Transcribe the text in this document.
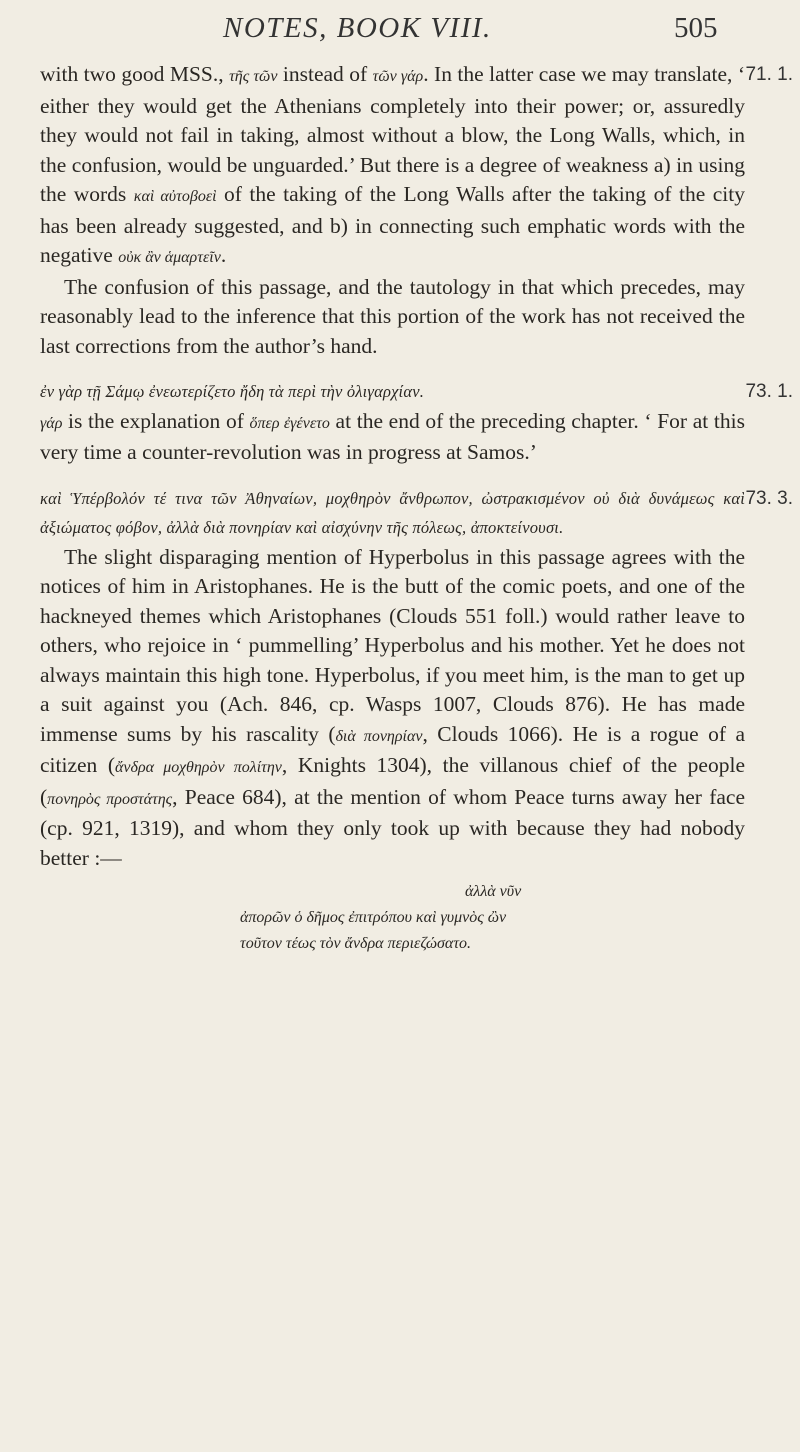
NOTES, BOOK VIII.	505
71. 1.

with two good MSS., τῆς τῶν instead of τῶν γάρ. In the latter case we may translate, ‘ either they would get the Athenians completely into their power; or, assuredly they would not fail in taking, almost without a blow, the Long Walls, which, in the confusion, would be unguarded.’ But there is a degree of weakness a) in using the words καὶ αὐτοβοεὶ of the taking of the Long Walls after the taking of the city has been already suggested, and b) in connecting such emphatic words with the negative οὐκ ἂν ἁμαρτεῖν.

The confusion of this passage, and the tautology in that which precedes, may reasonably lead to the inference that this portion of the work has not received the last corrections from the author’s hand.

73. 1.

ἐν γὰρ τῇ Σάμῳ ἐνεωτερίζετο ἤδη τὰ περὶ τὴν ὀλιγαρχίαν.

γάρ is the explanation of ὅπερ ἐγένετο at the end of the preceding chapter. ‘ For at this very time a counter-revolution was in progress at Samos.’

73. 3.

καὶ Ὑπέρβολόν τέ τινα τῶν Ἀθηναίων, μοχθηρὸν ἄνθρωπον, ὠστρακισμένον οὐ διὰ δυνάμεως καὶ ἀξιώματος φόβον, ἀλλὰ διὰ πονηρίαν καὶ αἰσχύνην τῆς πόλεως, ἀποκτείνουσι.

The slight disparaging mention of Hyperbolus in this passage agrees with the notices of him in Aristophanes. He is the butt of the comic poets, and one of the hackneyed themes which Aristophanes (Clouds 551 foll.) would rather leave to others, who rejoice in ‘ pummelling’ Hyperbolus and his mother. Yet he does not always maintain this high tone. Hyperbolus, if you meet him, is the man to get up a suit against you (Ach. 846, cp. Wasps 1007, Clouds 876). He has made immense sums by his rascality (διὰ πονηρίαν, Clouds 1066). He is a rogue of a citizen (ἄνδρα μοχθηρὸν πολίτην, Knights 1304), the villanous chief of the people (πονηρὸς προστάτης, Peace 684), at the mention of whom Peace turns away her face (cp. 921, 1319), and whom they only took up with because they had nobody better :—

ἀλλὰ νῦν
ἀπορῶν ὁ δῆμος ἐπιτρόπου καὶ γυμνὸς ὢν
τοῦτον τέως τὸν ἄνδρα περιεζώσατο.
